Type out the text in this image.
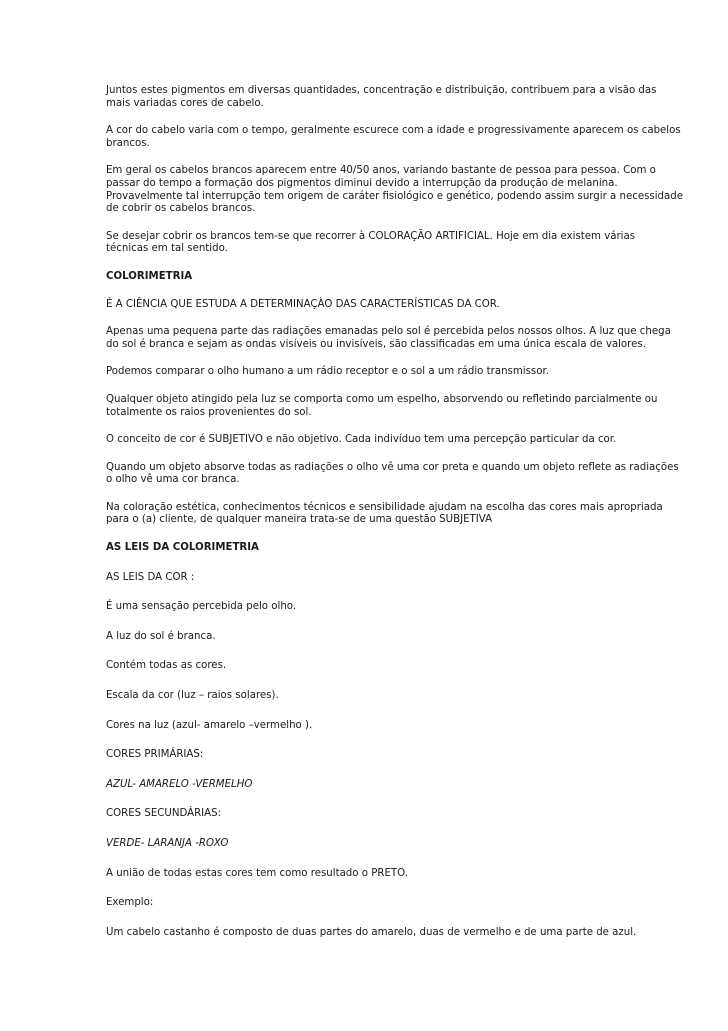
Juntos estes pigmentos em diversas quantidades, concentração e distribuição, contribuem para a visão das
mais variadas cores de cabelo.
A cor do cabelo varia com o tempo, geralmente escurece com a idade e progressivamente aparecem os cabelos
brancos.
Em geral os cabelos brancos aparecem entre 40/50 anos, variando bastante de pessoa para pessoa. Com o
passar do tempo a formação dos pigmentos diminui devido a interrupção da produção de melanina.
Provavelmente tal interrupção tem origem de caráter fisiológico e genético, podendo assim surgir a necessidade
de cobrir os cabelos brancos.
Se desejar cobrir os brancos tem-se que recorrer à COLORAÇÃO ARTIFICIAL. Hoje em dia existem várias
técnicas em tal sentido.
COLORIMETRIA
É A CIÊNCIA QUE ESTUDA A DETERMINAÇÀO DAS CARACTERÍSTICAS DA COR.
Apenas uma pequena parte das radiações emanadas pelo sol é percebida pelos nossos olhos. A luz que chega
do sol é branca e sejam as ondas visíveis ou invisíveis, são classificadas em uma única escala de valores.
Podemos comparar o olho humano a um rádio receptor e o sol a um rádio transmissor.
Qualquer objeto atingido pela luz se comporta como um espelho, absorvendo ou refletindo parcialmente ou
totalmente os raios provenientes do sol.
O conceito de cor é SUBJETIVO e não objetivo. Cada indivíduo tem uma percepção particular da cor.
Quando um objeto absorve todas as radiações o olho vê uma cor preta e quando um objeto reflete as radiações
o olho vê uma cor branca.
Na coloração estética, conhecimentos técnicos e sensibilidade ajudam na escolha das cores mais apropriada
para o (a) cliente, de qualquer maneira trata-se de uma questão SUBJETIVA
AS LEIS DA COLORIMETRIA
AS LEIS DA COR :
É uma sensação percebida pelo olho.
A luz do sol é branca.
Contém todas as cores.
Escala da cor (luz – raios solares).
Cores na luz (azul- amarelo –vermelho ).
CORES PRIMÁRIAS:
AZUL- AMARELO -VERMELHO
CORES SECUNDÁRIAS:
VERDE- LARANJA -ROXO
A união de todas estas cores tem como resultado o PRETO.
Exemplo:
Um cabelo castanho é composto de duas partes do amarelo, duas de vermelho e de uma parte de azul.
